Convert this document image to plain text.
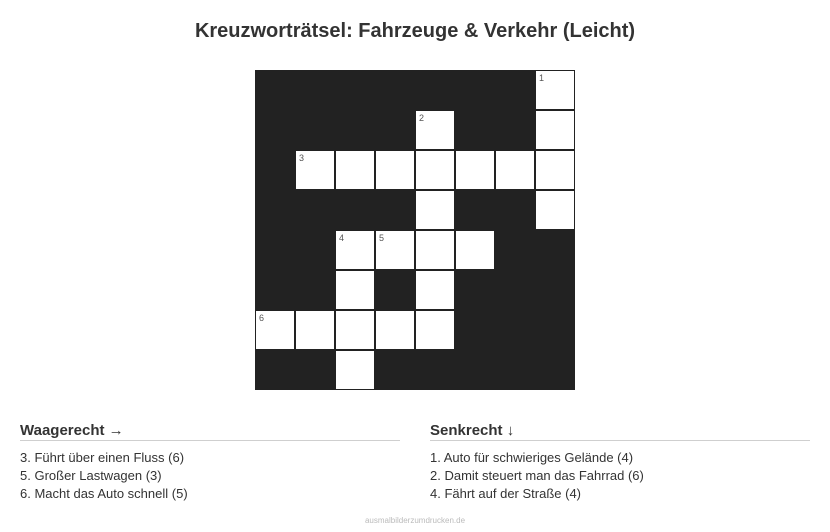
Kreuzworträtsel: Fahrzeuge & Verkehr (Leicht)
1
2
3
4	5
6
Waagerecht →
3. Führt über einen Fluss (6)
5. Großer Lastwagen (3)
6. Macht das Auto schnell (5)
Senkrecht ↓
1. Auto für schwieriges Gelände (4)
2. Damit steuert man das Fahrrad (6)
4. Fährt auf der Straße (4)
ausmalbilderzumdrucken.de
